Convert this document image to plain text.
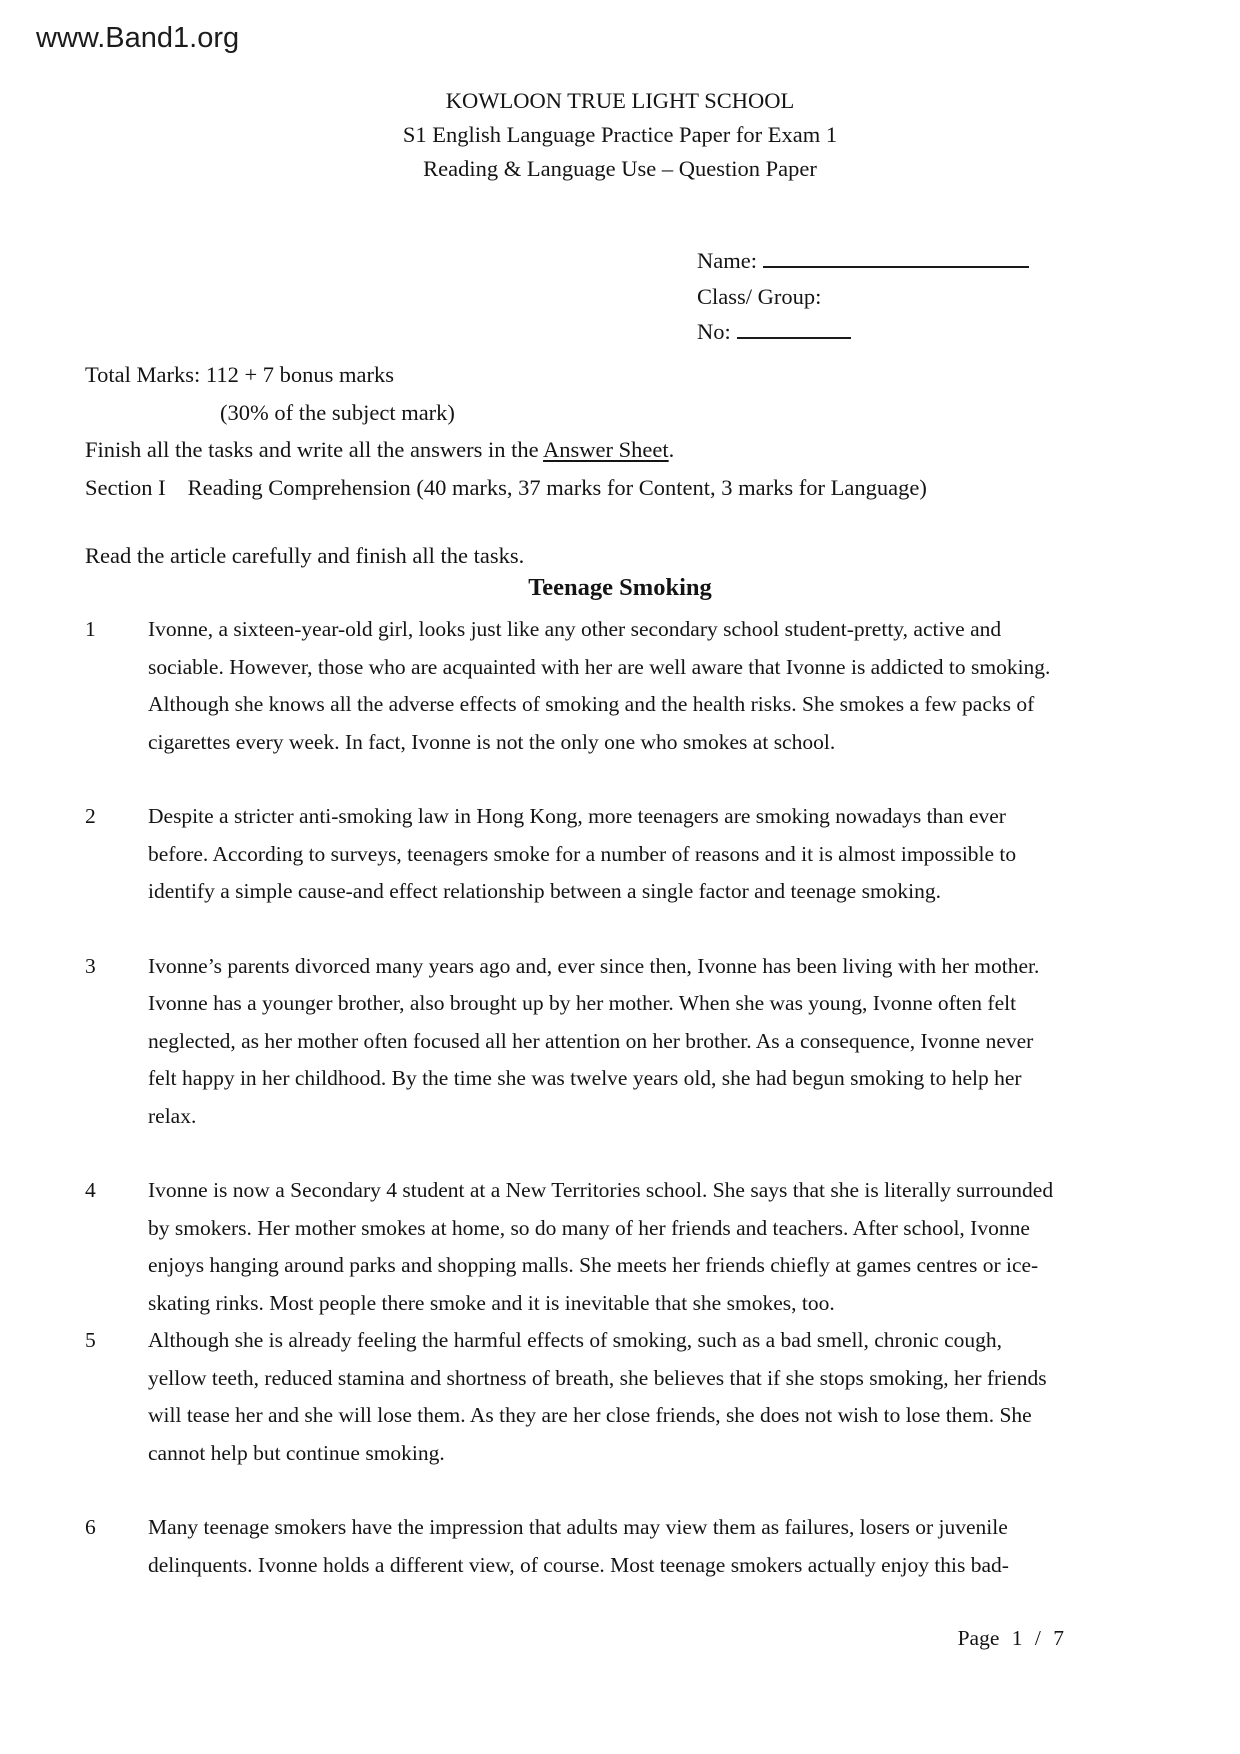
www.Band1.org
KOWLOON TRUE LIGHT SCHOOL
S1 English Language Practice Paper for Exam 1
Reading & Language Use – Question Paper
Name:
Class/ Group:
No:
Total Marks: 112 + 7 bonus marks
(30% of the subject mark)
Finish all the tasks and write all the answers in the Answer Sheet.
Section I Reading Comprehension (40 marks, 37 marks for Content, 3 marks for Language)
Read the article carefully and finish all the tasks.
Teenage Smoking
1	Ivonne, a sixteen-year-old girl, looks just like any other secondary school student-pretty, active and sociable. However, those who are acquainted with her are well aware that Ivonne is addicted to smoking. Although she knows all the adverse effects of smoking and the health risks. She smokes a few packs of cigarettes every week. In fact, Ivonne is not the only one who smokes at school.
2	Despite a stricter anti-smoking law in Hong Kong, more teenagers are smoking nowadays than ever before. According to surveys, teenagers smoke for a number of reasons and it is almost impossible to identify a simple cause-and effect relationship between a single factor and teenage smoking.
3	Ivonne’s parents divorced many years ago and, ever since then, Ivonne has been living with her mother. Ivonne has a younger brother, also brought up by her mother. When she was young, Ivonne often felt neglected, as her mother often focused all her attention on her brother. As a consequence, Ivonne never felt happy in her childhood. By the time she was twelve years old, she had begun smoking to help her relax.
4	Ivonne is now a Secondary 4 student at a New Territories school. She says that she is literally surrounded by smokers. Her mother smokes at home, so do many of her friends and teachers. After school, Ivonne enjoys hanging around parks and shopping malls. She meets her friends chiefly at games centres or ice-skating rinks. Most people there smoke and it is inevitable that she smokes, too.
5	Although she is already feeling the harmful effects of smoking, such as a bad smell, chronic cough, yellow teeth, reduced stamina and shortness of breath, she believes that if she stops smoking, her friends will tease her and she will lose them. As they are her close friends, she does not wish to lose them. She cannot help but continue smoking.
6	Many teenage smokers have the impression that adults may view them as failures, losers or juvenile delinquents. Ivonne holds a different view, of course. Most teenage smokers actually enjoy this bad-
Page 1 / 7
